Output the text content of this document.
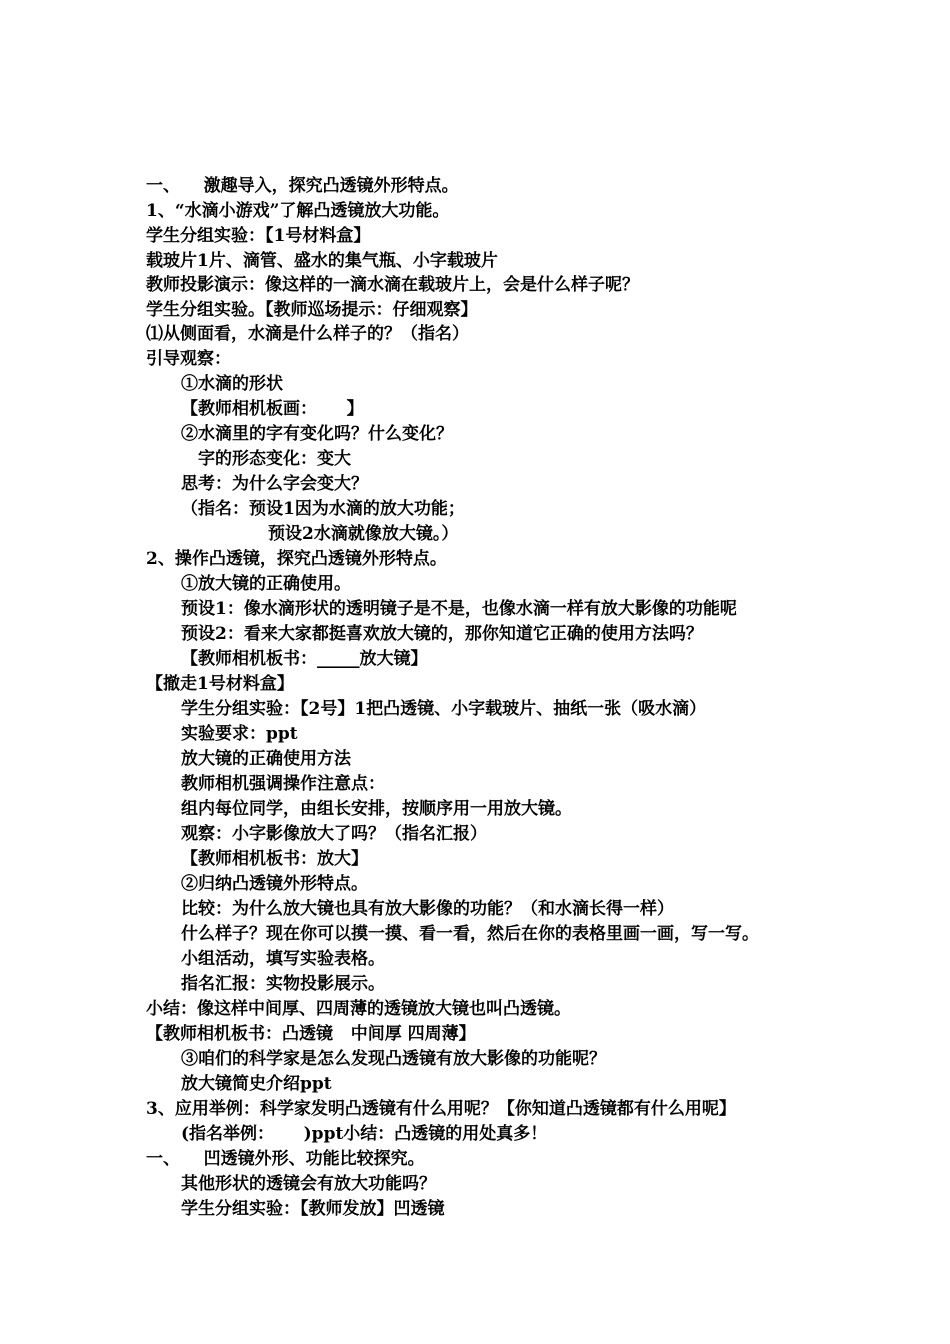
一、    激趣导入，探究凸透镜外形特点。
1、“水滴小游戏”了解凸透镜放大功能。
学生分组实验：【1号材料盒】
载玻片1片、滴管、盛水的集气瓶、小字载玻片
教师投影演示：像这样的一滴水滴在载玻片上，会是什么样子呢？
学生分组实验。【教师巡场提示：仔细观察】
⑴从侧面看，水滴是什么样子的？（指名）
引导观察：
①水滴的形状
【教师相机板画：     】
②水滴里的字有变化吗？什么变化？
字的形态变化：变大
思考：为什么字会变大？
（指名：预设1因为水滴的放大功能；
预设2水滴就像放大镜。）
2、操作凸透镜，探究凸透镜外形特点。
①放大镜的正确使用。
预设1：像水滴形状的透明镜子是不是，也像水滴一样有放大影像的功能呢
预设2：看来大家都挺喜欢放大镜的，那你知道它正确的使用方法吗？
【教师相机板书：_____放大镜】
【撤走1号材料盒】
学生分组实验：【2号】1把凸透镜、小字载玻片、抽纸一张（吸水滴）
实验要求：ppt
放大镜的正确使用方法
教师相机强调操作注意点：
组内每位同学，由组长安排，按顺序用一用放大镜。
观察：小字影像放大了吗？（指名汇报）
【教师相机板书：放大】
②归纳凸透镜外形特点。
比较：为什么放大镜也具有放大影像的功能？（和水滴长得一样）
什么样子？现在你可以摸一摸、看一看，然后在你的表格里画一画，写一写。
小组活动，填写实验表格。
指名汇报：实物投影展示。
小结：像这样中间厚、四周薄的透镜放大镜也叫凸透镜。
【教师相机板书：凸透镜   中间厚 四周薄】
③咱们的科学家是怎么发现凸透镜有放大影像的功能呢？
放大镜简史介绍ppt
3、应用举例：科学家发明凸透镜有什么用呢？【你知道凸透镜都有什么用呢】
(指名举例：     )ppt小结：凸透镜的用处真多！
一、    凹透镜外形、功能比较探究。
其他形状的透镜会有放大功能吗？
学生分组实验：【教师发放】凹透镜
